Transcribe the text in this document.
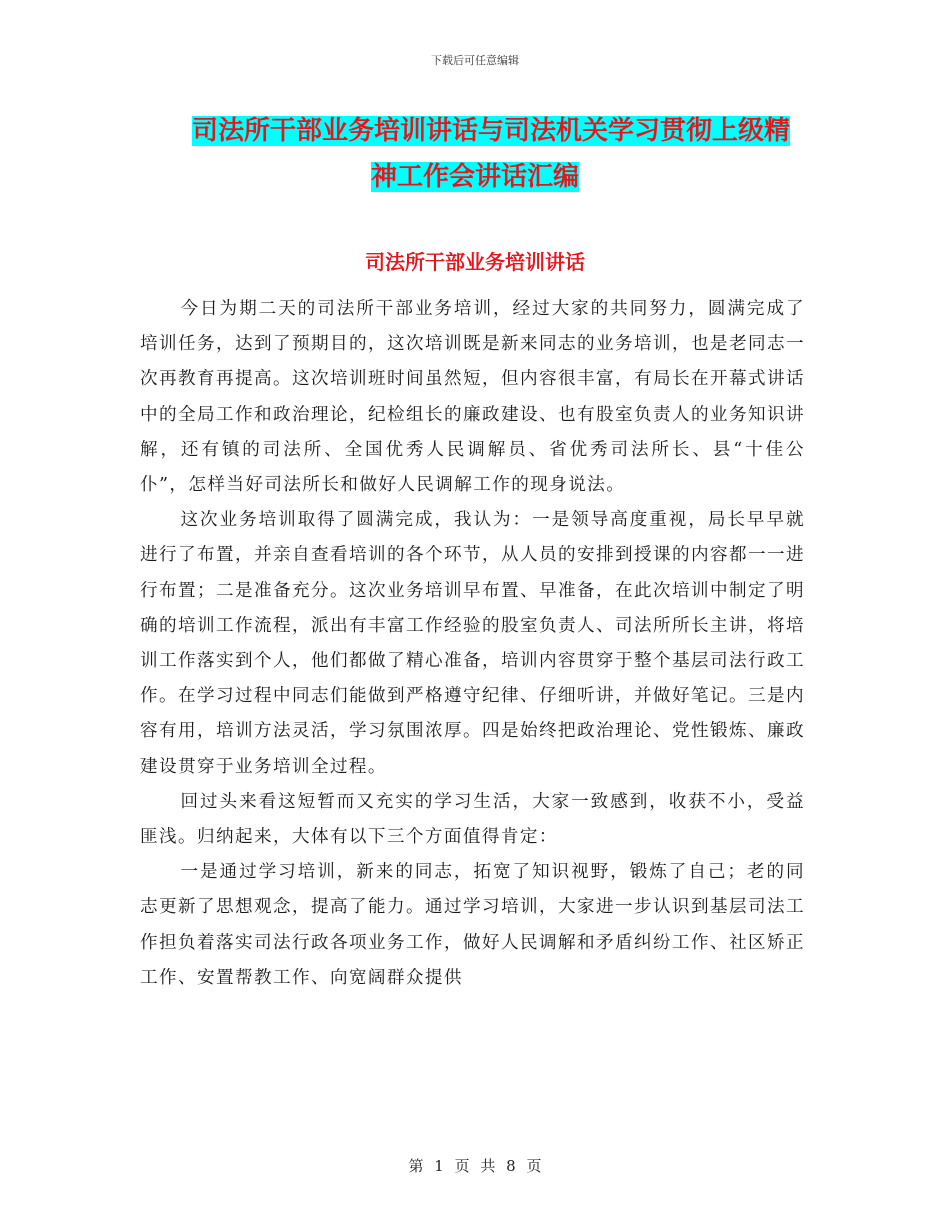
下载后可任意编辑
司法所干部业务培训讲话与司法机关学习贯彻上级精
神工作会讲话汇编
司法所干部业务培训讲话

今日为期二天的司法所干部业务培训，经过大家的共同努力，圆满完成了培训任务，达到了预期目的，这次培训既是新来同志的业务培训，也是老同志一次再教育再提高。这次培训班时间虽然短，但内容很丰富，有局长在开幕式讲话中的全局工作和政治理论，纪检组长的廉政建设、也有股室负责人的业务知识讲解，还有镇的司法所、全国优秀人民调解员、省优秀司法所长、县“十佳公仆”，怎样当好司法所长和做好人民调解工作的现身说法。

这次业务培训取得了圆满完成，我认为：一是领导高度重视，局长早早就进行了布置，并亲自查看培训的各个环节，从人员的安排到授课的内容都一一进行布置；二是准备充分。这次业务培训早布置、早准备，在此次培训中制定了明确的培训工作流程，派出有丰富工作经验的股室负责人、司法所所长主讲，将培训工作落实到个人，他们都做了精心准备，培训内容贯穿于整个基层司法行政工作。在学习过程中同志们能做到严格遵守纪律、仔细听讲，并做好笔记。三是内容有用，培训方法灵活，学习氛围浓厚。四是始终把政治理论、党性锻炼、廉政建设贯穿于业务培训全过程。

回过头来看这短暂而又充实的学习生活，大家一致感到，收获不小，受益匪浅。归纳起来，大体有以下三个方面值得肯定：

一是通过学习培训，新来的同志，拓宽了知识视野，锻炼了自己；老的同志更新了思想观念，提高了能力。通过学习培训，大家进一步认识到基层司法工作担负着落实司法行政各项业务工作，做好人民调解和矛盾纠纷工作、社区矫正工作、安置帮教工作、向宽阔群众提供

第 1 页 共 8 页
